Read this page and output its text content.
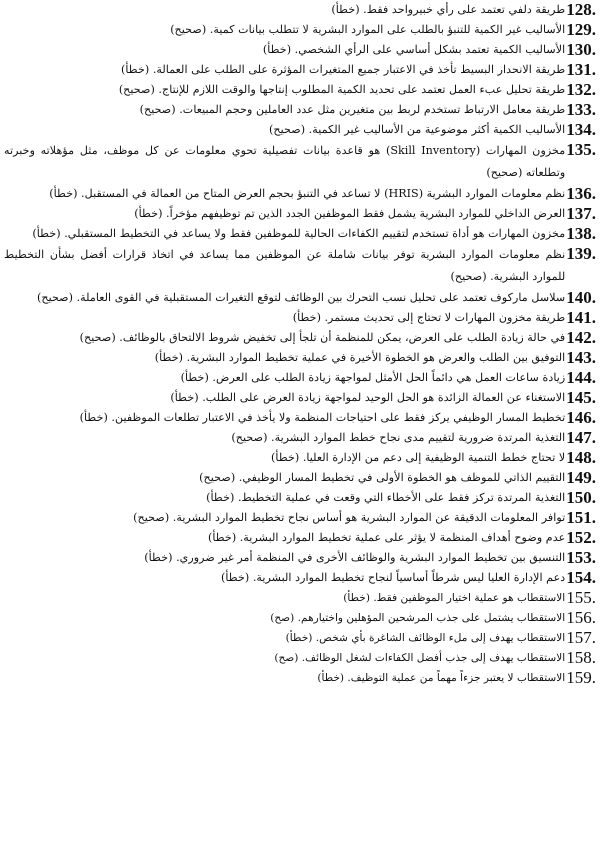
128.
طريقة دلفي تعتمد على رأي خبيرواحد فقط. (خطأ)
129.
الأساليب غير الكمية للتنبؤ بالطلب على الموارد البشرية لا تتطلب بيانات كمية. (صحيح)
130.
الأساليب الكمية تعتمد بشكل أساسي على الرأي الشخصي. (خطأ)
131.
طريقة الانحدار البسيط تأخذ في الاعتبار جميع المتغيرات المؤثرة على الطلب على العمالة. (خطأ)
132.
طريقة تحليل عبء العمل تعتمد على تحديد الكمية المطلوب إنتاجها والوقت اللازم للإنتاج. (صحيح)
133.
طريقة معامل الارتباط تستخدم لربط بين متغيرين مثل عدد العاملين وحجم المبيعات. (صحيح)
134.
الأساليب الكمية أكثر موضوعية من الأساليب غير الكمية. (صحيح)
135.
مخزون المهارات (Skill Inventory) هو قاعدة بيانات تفصيلية تحوي معلومات عن كل موظف، مثل مؤهلاته وخبرته وتطلعاته (صحيح)
136.
نظم معلومات الموارد البشرية (HRIS) لا تساعد في التنبؤ بحجم العرض المتاح من العمالة في المستقبل. (خطأ)
137.
العرض الداخلي للموارد البشرية يشمل فقط الموظفين الجدد الذين تم توظيفهم مؤخراً. (خطأ)
138.
مخزون المهارات هو أداة تستخدم لتقييم الكفاءات الحالية للموظفين فقط ولا يساعد في التخطيط المستقبلي. (خطأ)
139.
نظم معلومات الموارد البشرية توفر بيانات شاملة عن الموظفين مما يساعد في اتخاذ قرارات أفضل بشأن التخطيط للموارد البشرية. (صحيح)
140.
سلاسل ماركوف تعتمد على تحليل نسب التحرك بين الوظائف لتوقع التغيرات المستقبلية في القوى العاملة. (صحيح)
141.
طريقة مخزون المهارات لا تحتاج إلى تحديث مستمر. (خطأ)
142.
في حالة زيادة الطلب على العرض، يمكن للمنظمة أن تلجأ إلى تخفيض شروط الالتحاق بالوظائف. (صحيح)
143.
التوفيق بين الطلب والعرض هو الخطوة الأخيرة في عملية تخطيط الموارد البشرية. (خطأ)
144.
زيادة ساعات العمل هي دائماً الحل الأمثل لمواجهة زيادة الطلب على العرض. (خطأ)
145.
الاستغناء عن العمالة الزائدة هو الحل الوحيد لمواجهة زيادة العرض على الطلب. (خطأ)
146.
تخطيط المسار الوظيفي يركز فقط على احتياجات المنظمة ولا يأخذ في الاعتبار تطلعات الموظفين. (خطأ)
147.
التغذية المرتدة ضرورية لتقييم مدى نجاح خطط الموارد البشرية. (صحيح)
148.
لا تحتاج خطط التنمية الوظيفية إلى دعم من الإدارة العليا. (خطأ)
149.
التقييم الذاتي للموظف هو الخطوة الأولى في تخطيط المسار الوظيفي. (صحيح)
150.
التغذية المرتدة تركز فقط على الأخطاء التي وقعت في عملية التخطيط. (خطأ)
151.
توافر المعلومات الدقيقة عن الموارد البشرية هو أساس نجاح تخطيط الموارد البشرية. (صحيح)
152.
عدم وضوح أهداف المنظمة لا يؤثر على عملية تخطيط الموارد البشرية. (خطأ)
153.
التنسيق بين تخطيط الموارد البشرية والوظائف الأخرى في المنظمة أمر غير ضروري. (خطأ)
154.
دعم الإدارة العليا ليس شرطاً أساسياً لنجاح تخطيط الموارد البشرية. (خطأ)
155.
الاستقطاب هو عملية اختيار الموظفين فقط. (خطأ)
156.
الاستقطاب يشتمل على جذب المرشحين المؤهلين واختيارهم. (صح)
157.
الاستقطاب يهدف إلى ملء الوظائف الشاغرة بأي شخص. (خطأ)
158.
الاستقطاب يهدف إلى جذب أفضل الكفاءات لشغل الوظائف. (صح)
159.
الاستقطاب لا يعتبر جزءاً مهماً من عملية التوظيف. (خطأ)
